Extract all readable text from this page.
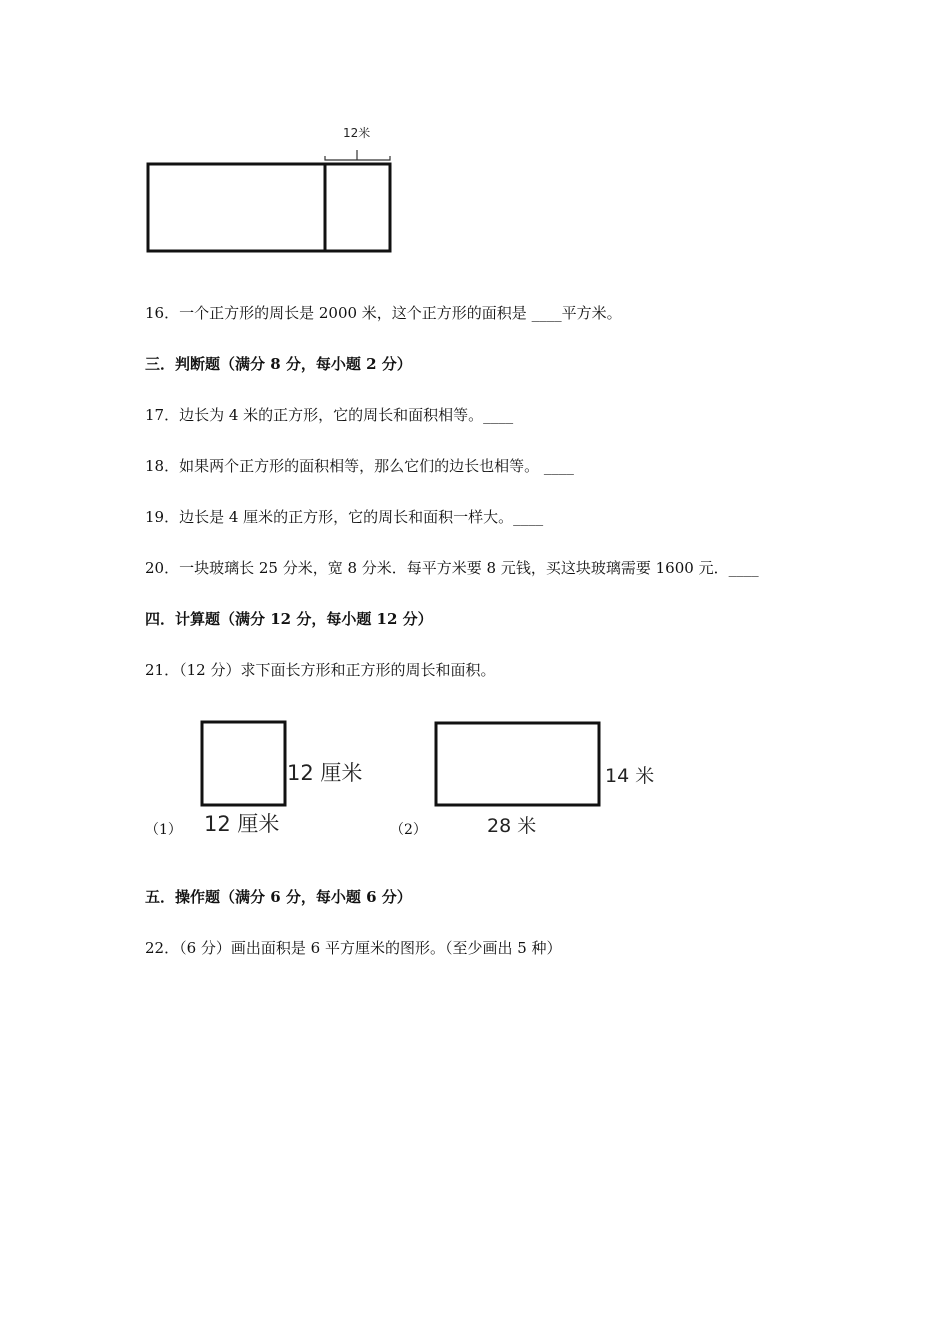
12米
16．一个正方形的周长是 2000 米，这个正方形的面积是 ____平方米。
三．判断题（满分 8 分，每小题 2 分）
17．边长为 4 米的正方形，它的周长和面积相等。____
18．如果两个正方形的面积相等，那么它们的边长也相等。 ____
19．边长是 4 厘米的正方形，它的周长和面积一样大。____
20．一块玻璃长 25 分米，宽 8 分米．每平方米要 8 元钱，买这块玻璃需要 1600 元．____
四．计算题（满分 12 分，每小题 12 分）
21．（12 分）求下面长方形和正方形的周长和面积。
（1）
12 厘米
12 厘米	（2）
14 米
28 米
五．操作题（满分 6 分，每小题 6 分）
22．（6 分）画出面积是 6 平方厘米的图形。（至少画出 5 种）
